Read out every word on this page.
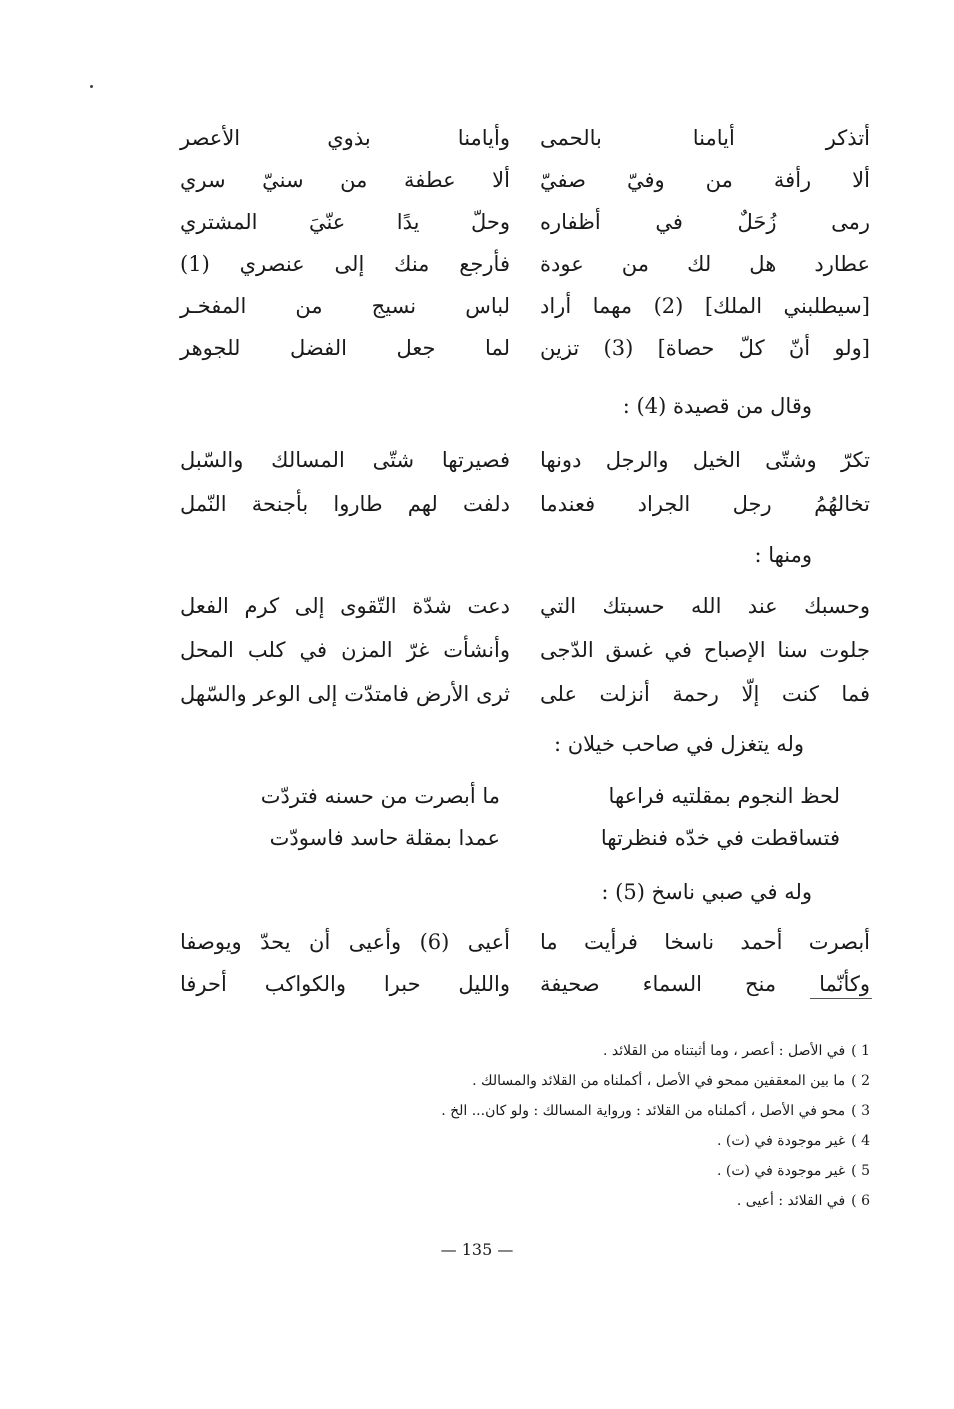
أتذكر أيامنا بالحمى
وأيامنا بذوي الأعصر
ألا رأفة من وفيّ صفيّ
ألا عطفة من سنيّ سري
رمى زُحَلٌ في أظفاره
وحلّ يدًا عنّيَ المشتري
عطارد هل لك من عودة
فأرجع منك إلى عنصري (1)
[سيطلبني الملك] (2) مهما أراد
لباس نسيج من المفخـر
[ولو أنّ كلّ حصاة] (3) تزين
لما جعل الفضل للجوهر
وقال من قصيدة (4) :
تكرّ وشتّى الخيل والرجل دونها
فصيرتها شتّى المسالك والسّبل
تخالهُمُ رجل الجراد فعندما
دلفت لهم طاروا بأجنحة النّمل
ومنها :
وحسبك عند الله حسبتك التي
دعت شدّة التّقوى إلى كرم الفعل
جلوت سنا الإصباح في غسق الدّجى
وأنشأت غرّ المزن في كلب المحل
فما كنت إلّا رحمة أنزلت على
ثرى الأرض فامتدّت إلى الوعر والسّهل
وله يتغزل في صاحب خيلان :
لحظ النجوم بمقلتيه فراعها
ما أبصرت من حسنه فتردّت
فتساقطت في خدّه فنظرتها
عمدا بمقلة حاسد فاسودّت
وله في صبي ناسخ (5) :
أبصرت أحمد ناسخا فرأيت ما
أعيى (6) وأعيى أن يحدّ ويوصفا
وكأنّما منح السماء صحيفة
والليل حبرا والكواكب أحرفا
1 )في الأصل : أعصر ، وما أثبتناه من القلائد .
2 )ما بين المعقفين ممحو في الأصل ، أكملناه من القلائد والمسالك .
3 )محو في الأصل ، أكملناه من القلائد : ورواية المسالك : ولو كان... الخ .
4 )غير موجودة في (ت) .
5 )غير موجودة في (ت) .
6 )في القلائد : أعيى .
— 135 —
